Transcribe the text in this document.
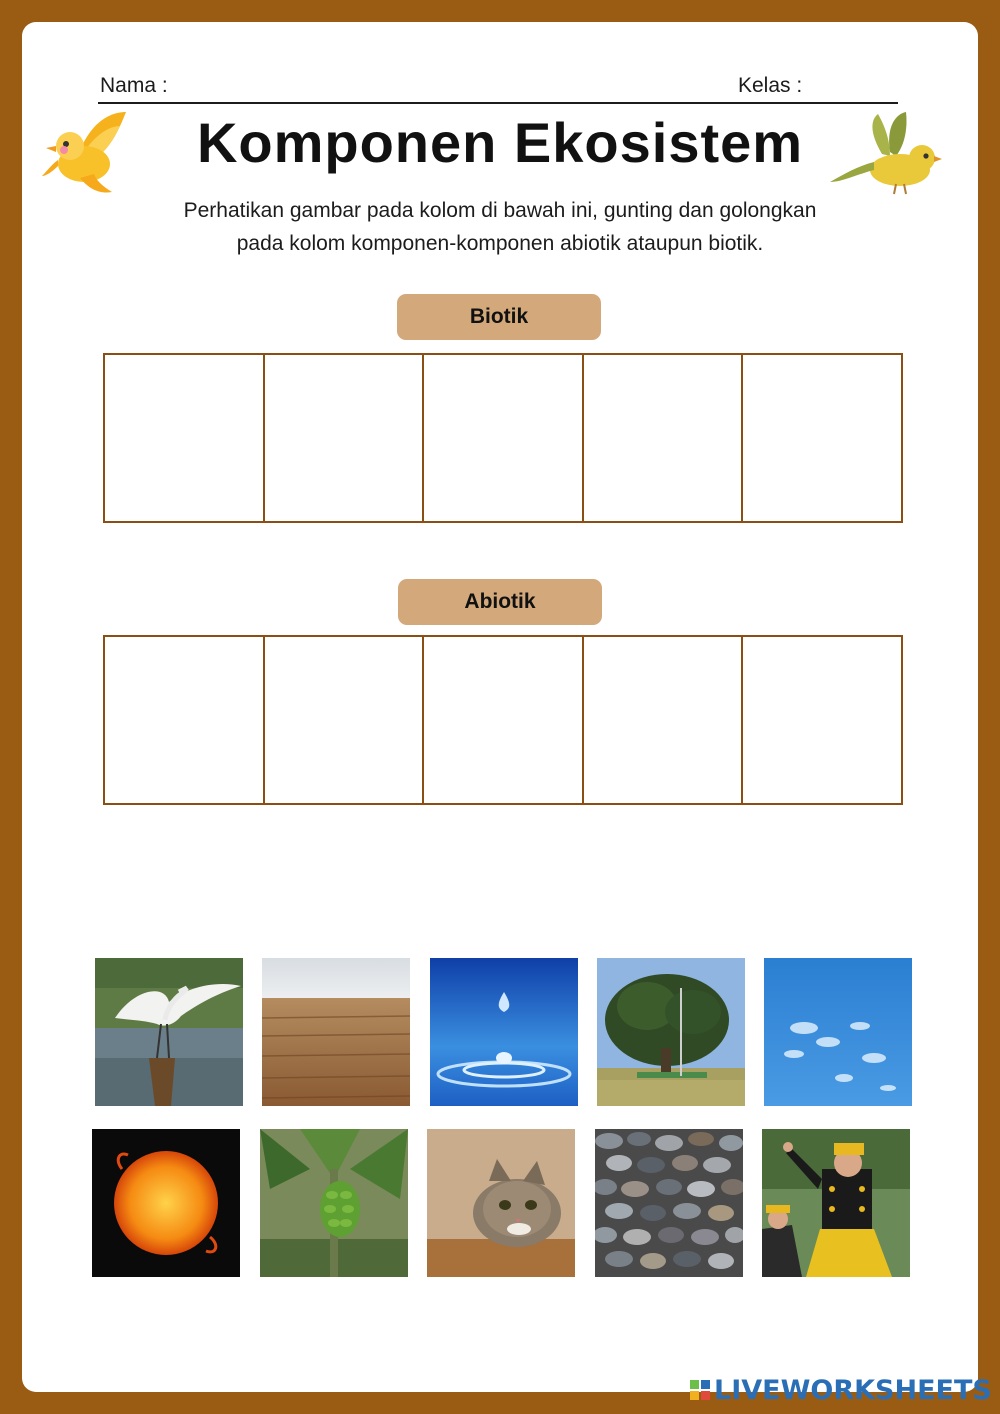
Nama :	Kelas :
Komponen Ekosistem
Perhatikan gambar pada kolom di bawah ini, gunting dan golongkan
pada kolom komponen-komponen abiotik ataupun biotik.
Biotik
Abiotik
LIVEWORKSHEETS
